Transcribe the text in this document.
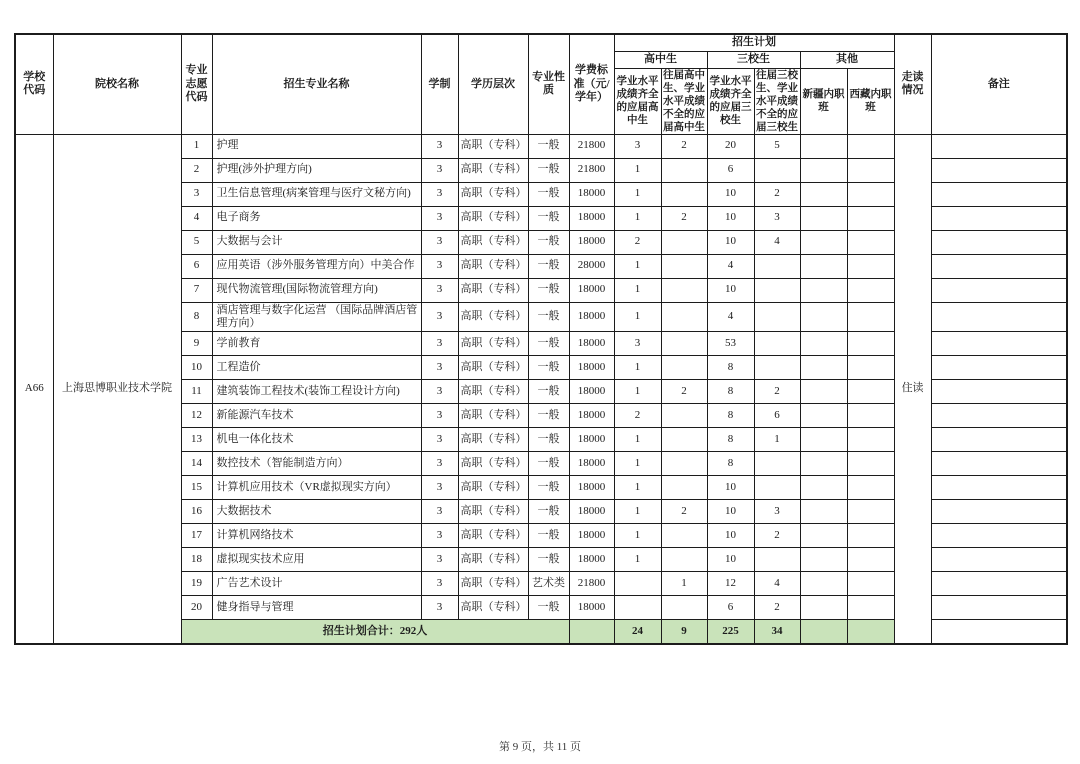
学校代码	院校名称	专业志愿代码	招生专业名称	学制	学历层次	专业性质	学费标准（元/学年）	招生计划						走读情况	备注
								高中生		三校生		其他			
								学业水平成绩齐全的应届高中生	往届高中生、学业水平成绩不全的应届高中生	学业水平成绩齐全的应届三校生	往届三校生、学业水平成绩不全的应届三校生	新疆内职班	西藏内职班		
A66	上海思博职业技术学院	1	护理	3	高职（专科）	一般	21800	3	2	20	5			住读	
		2	护理(涉外护理方向)	3	高职（专科）	一般	21800	1		6					
		3	卫生信息管理(病案管理与医疗文秘方向)	3	高职（专科）	一般	18000	1		10	2				
		4	电子商务	3	高职（专科）	一般	18000	1	2	10	3				
		5	大数据与会计	3	高职（专科）	一般	18000	2		10	4				
		6	应用英语（涉外服务管理方向）中美合作	3	高职（专科）	一般	28000	1		4					
		7	现代物流管理(国际物流管理方向)	3	高职（专科）	一般	18000	1		10					
		8	酒店管理与数字化运营 （国际品牌酒店管理方向）	3	高职（专科）	一般	18000	1		4					
		9	学前教育	3	高职（专科）	一般	18000	3		53					
		10	工程造价	3	高职（专科）	一般	18000	1		8					
		11	建筑装饰工程技术(装饰工程设计方向)	3	高职（专科）	一般	18000	1	2	8	2				
		12	新能源汽车技术	3	高职（专科）	一般	18000	2		8	6				
		13	机电一体化技术	3	高职（专科）	一般	18000	1		8	1				
		14	数控技术（智能制造方向）	3	高职（专科）	一般	18000	1		8					
		15	计算机应用技术（VR虚拟现实方向）	3	高职（专科）	一般	18000	1		10					
		16	大数据技术	3	高职（专科）	一般	18000	1	2	10	3				
		17	计算机网络技术	3	高职（专科）	一般	18000	1		10	2				
		18	虚拟现实技术应用	3	高职（专科）	一般	18000	1		10					
		19	广告艺术设计	3	高职（专科）	艺术类	21800		1	12	4				
		20	健身指导与管理	3	高职（专科）	一般	18000			6	2				
		招生计划合计：292人						24	9	225	34				
第 9 页，共 11 页
